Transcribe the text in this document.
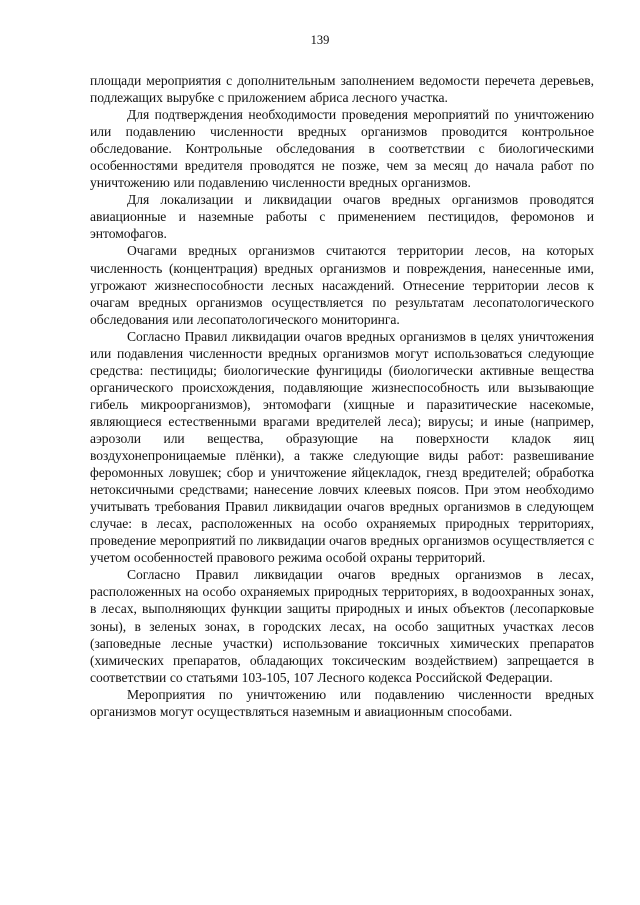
139

площади мероприятия с дополнительным заполнением ведомости перечета деревьев, подлежащих вырубке с приложением абриса лесного участка.

Для подтверждения необходимости проведения мероприятий по уничтожению или подавлению численности вредных организмов проводится контрольное обследование. Контрольные обследования в соответствии с биологическими особенностями вредителя проводятся не позже, чем за месяц до начала работ по уничтожению или подавлению численности вредных организмов.

Для локализации и ликвидации очагов вредных организмов проводятся авиационные и наземные работы с применением пестицидов, феромонов и энтомофагов.

Очагами вредных организмов считаются территории лесов, на которых численность (концентрация) вредных организмов и повреждения, нанесенные ими, угрожают жизнеспособности лесных насаждений. Отнесение территории лесов к очагам вредных организмов осуществляется по результатам лесопатологического обследования или лесопатологического мониторинга.

Согласно Правил ликвидации очагов вредных организмов в целях уничтожения или подавления численности вредных организмов могут использоваться следующие средства: пестициды; биологические фунгициды (биологически активные вещества органического происхождения, подавляющие жизнеспособность или вызывающие гибель микроорганизмов), энтомофаги (хищные и паразитические насекомые, являющиеся естественными врагами вредителей леса); вирусы; и иные (например, аэрозоли или вещества, образующие на поверхности кладок яиц воздухонепроницаемые плёнки), а также следующие виды работ: развешивание феромонных ловушек; сбор и уничтожение яйцекладок, гнезд вредителей; обработка нетоксичными средствами; нанесение ловчих клеевых поясов. При этом необходимо учитывать требования Правил ликвидации очагов вредных организмов в следующем случае: в лесах, расположенных на особо охраняемых природных территориях, проведение мероприятий по ликвидации очагов вредных организмов осуществляется с учетом особенностей правового режима особой охраны территорий.

Согласно Правил ликвидации очагов вредных организмов в лесах, расположенных на особо охраняемых природных территориях, в водоохранных зонах, в лесах, выполняющих функции защиты природных и иных объектов (лесопарковые зоны), в зеленых зонах, в городских лесах, на особо защитных участках лесов (заповедные лесные участки) использование токсичных химических препаратов (химических препаратов, обладающих токсическим воздействием) запрещается в соответствии со статьями 103-105, 107 Лесного кодекса Российской Федерации.

Мероприятия по уничтожению или подавлению численности вредных организмов могут осуществляться наземным и авиационным способами.
